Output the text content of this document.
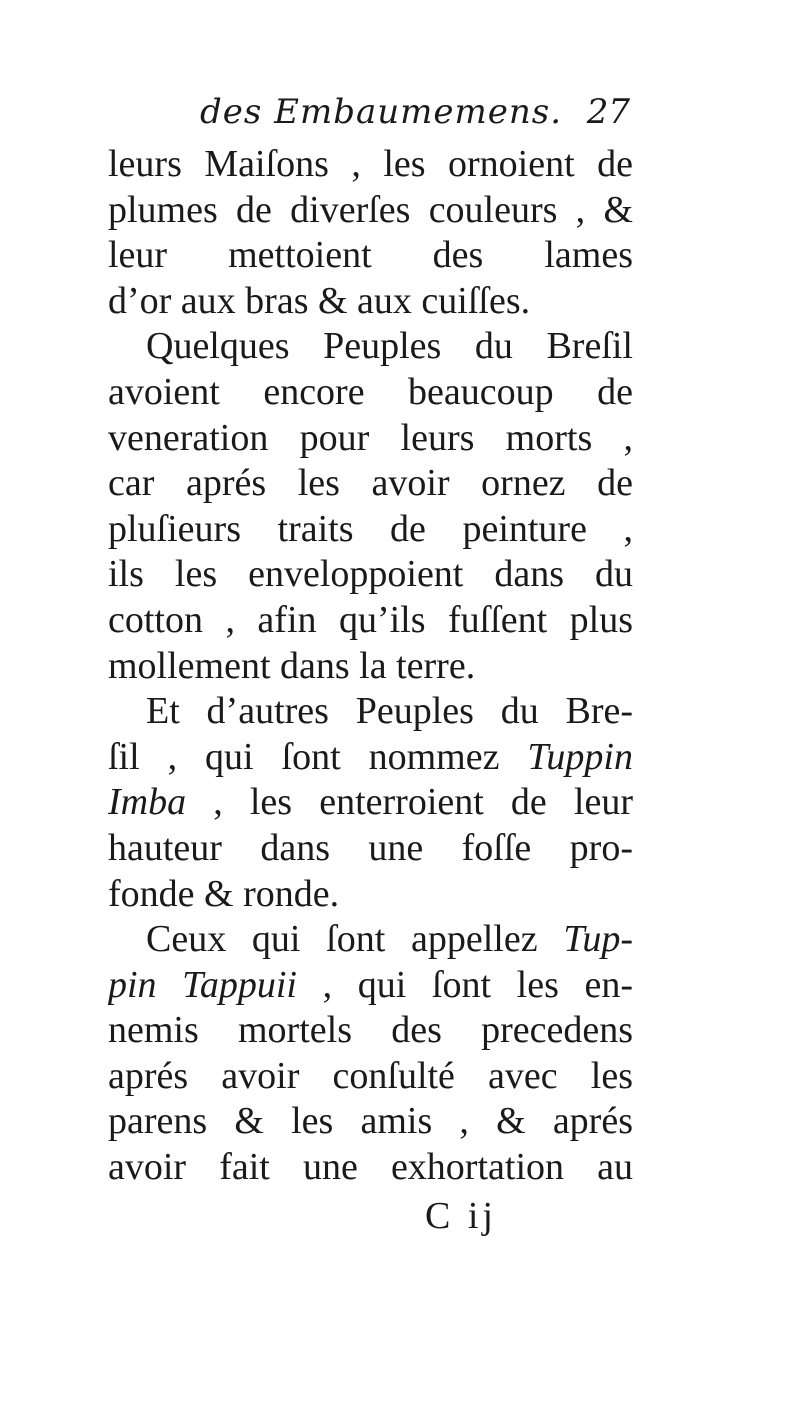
des Embaumemens. 27
leurs Maiſons , les ornoient de
plumes de diverſes couleurs , &
leur mettoient des lames
d’or aux bras & aux cuiſſes.
Quelques Peuples du Breſil
avoient encore beaucoup de
veneration pour leurs morts ,
car aprés les avoir ornez de
pluſieurs traits de peinture ,
ils les enveloppoient dans du
cotton , afin qu’ils fuſſent plus
mollement dans la terre.
Et d’autres Peuples du Bre-
ſil , qui ſont nommez Tuppin
Imba , les enterroient de leur
hauteur dans une foſſe pro-
fonde & ronde.
Ceux qui ſont appellez Tup-
pin Tappuii , qui ſont les en-
nemis mortels des precedens
aprés avoir conſulté avec les
parens & les amis , & aprés
avoir fait une exhortation au
C ij
